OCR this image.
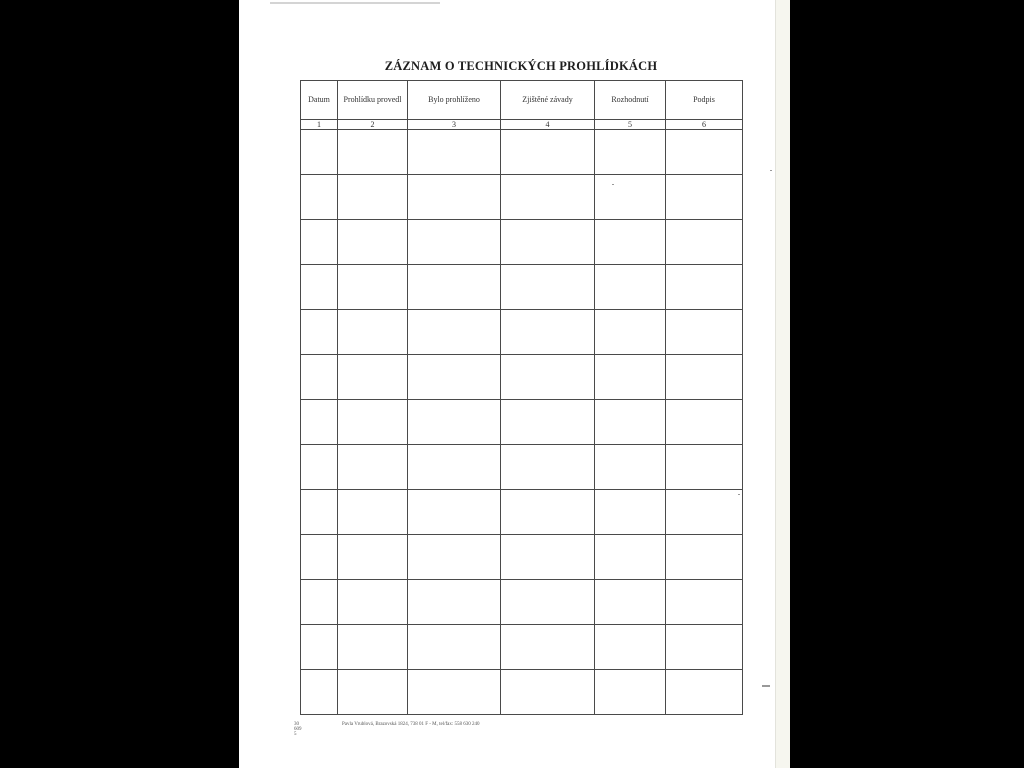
ZÁZNAM O TECHNICKÝCH PROHLÍDKÁCH
Datum	Prohlídku provedl	Bylo prohlíženo	Zjištěné závady	Rozhodnutí	Podpis
1	2	3	4	5	6

30 609 5
Pavla Vrublová, Brazovská 1824, 738 01 F - M, tel/fax: 558 630 240
